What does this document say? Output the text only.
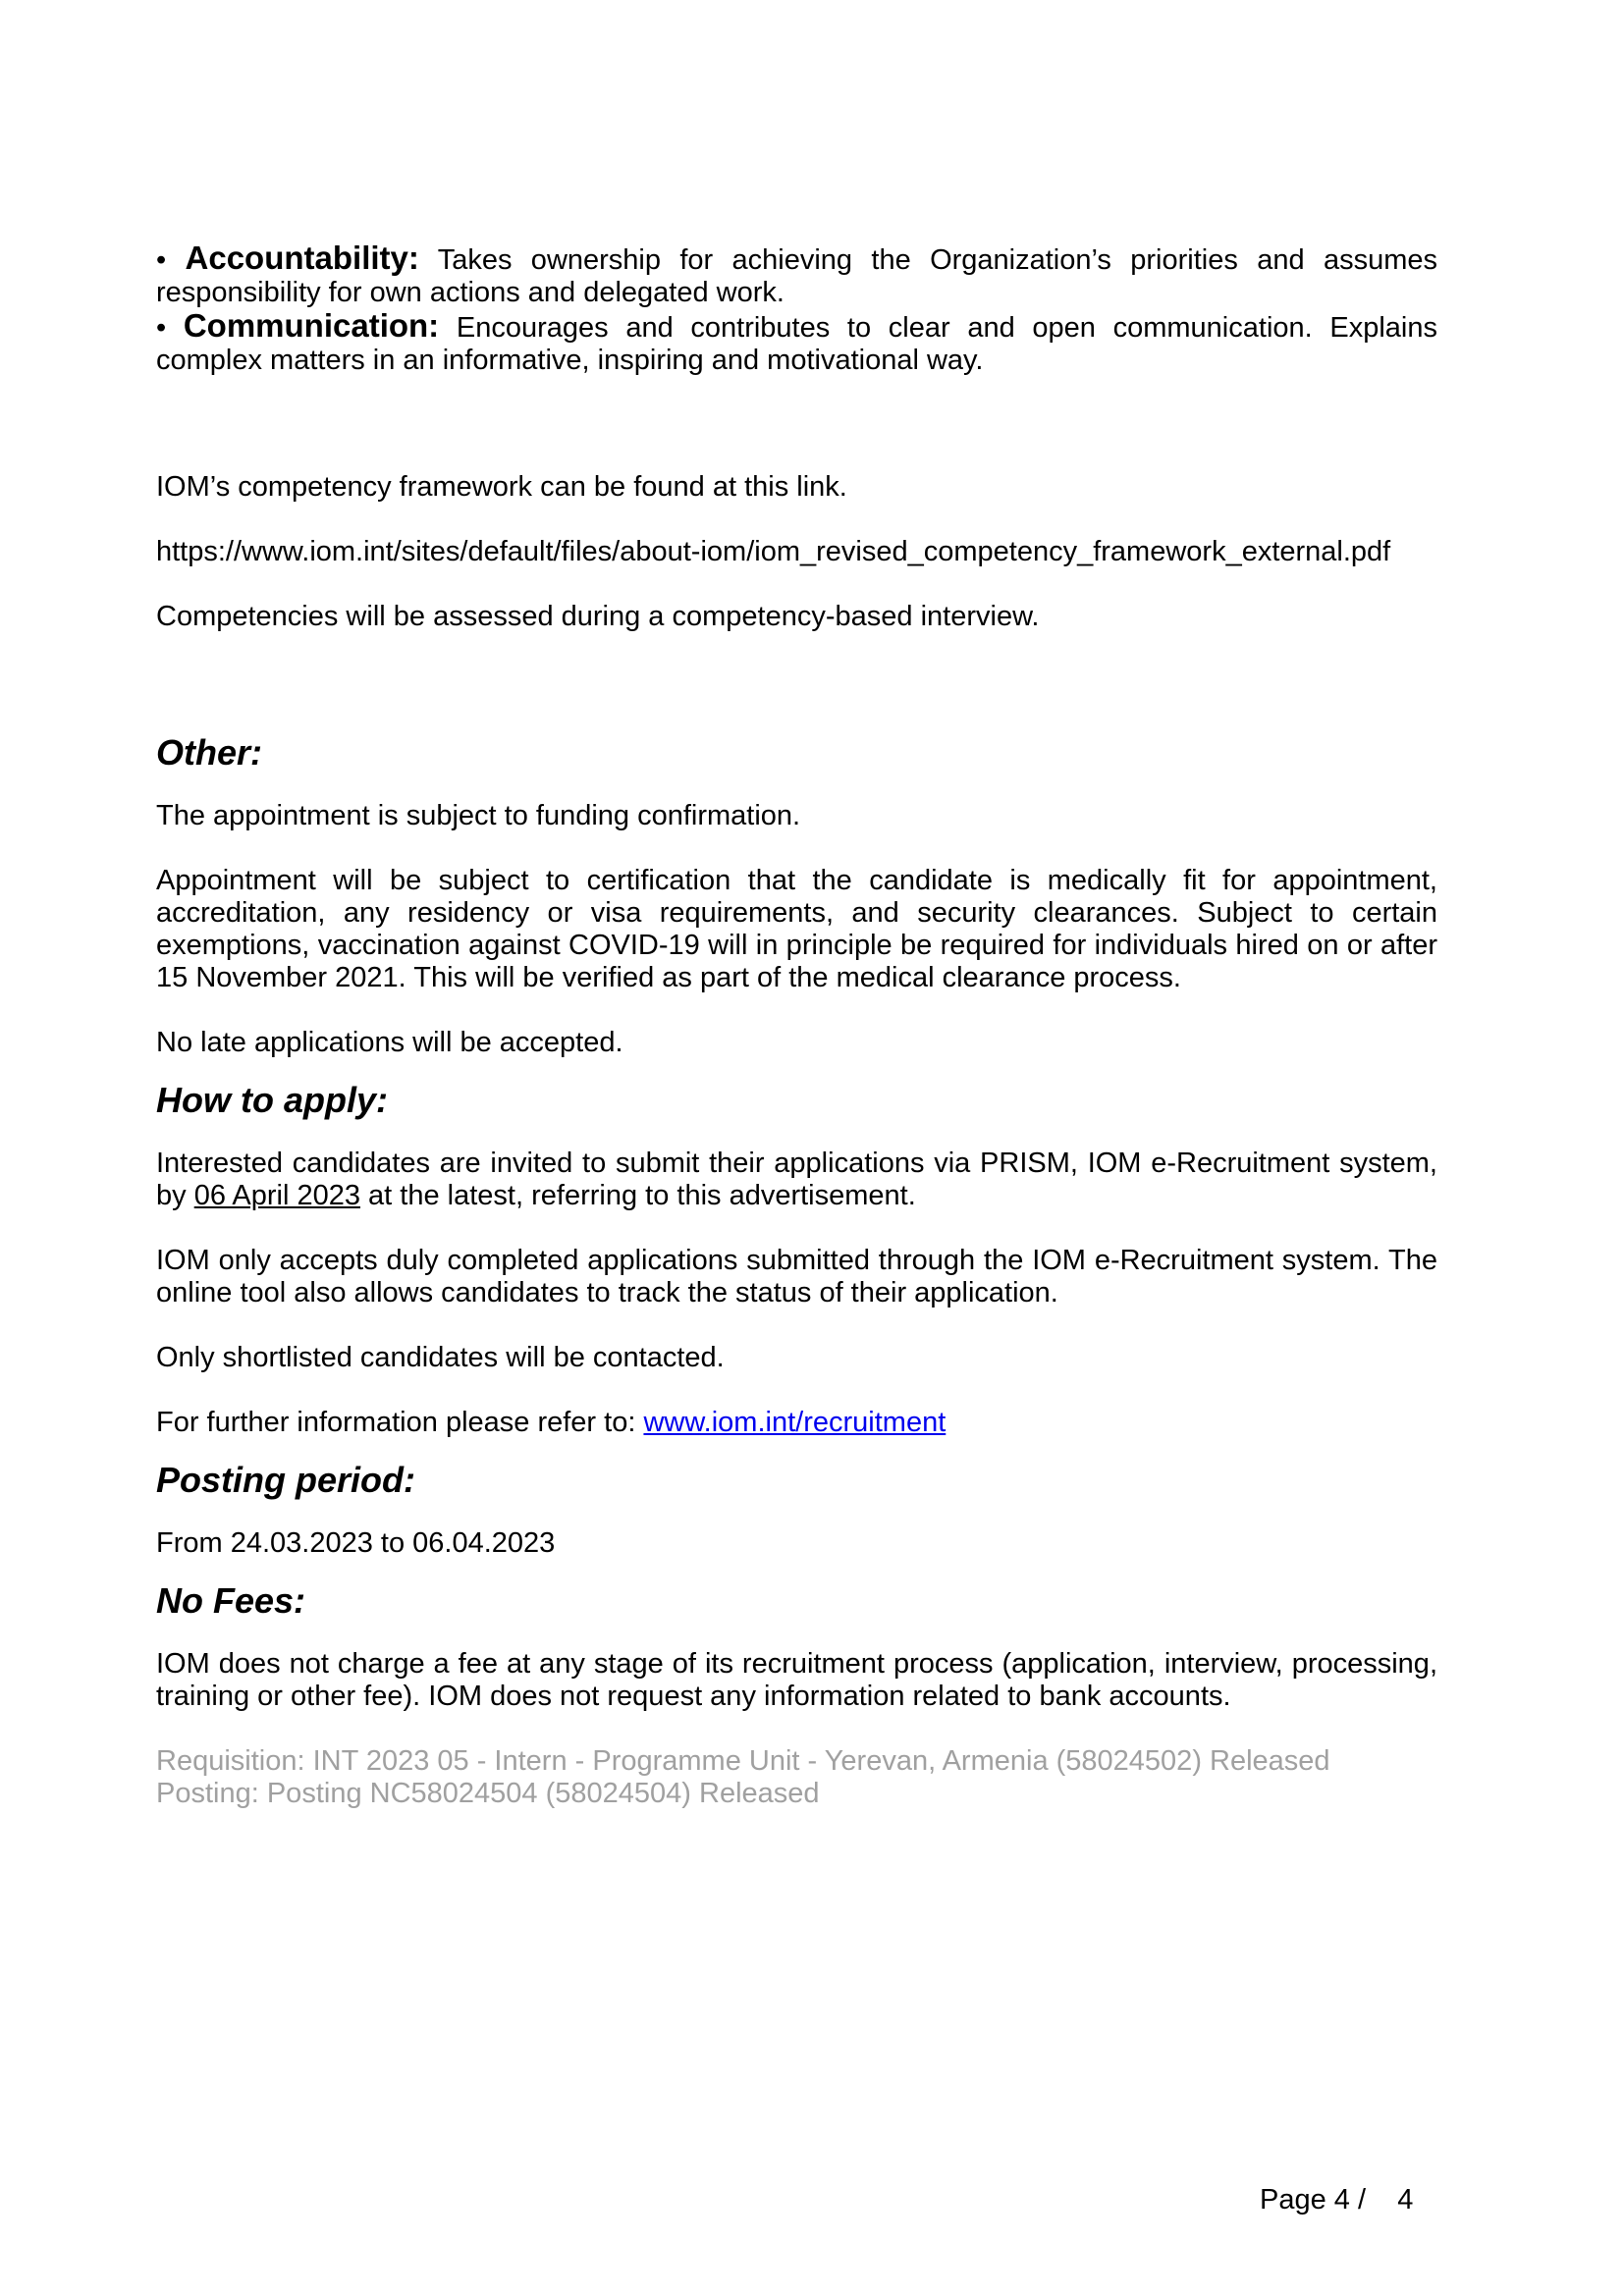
• Accountability: Takes ownership for achieving the Organization’s priorities and assumes responsibility for own actions and delegated work.

• Communication: Encourages and contributes to clear and open communication. Explains complex matters in an informative, inspiring and motivational way.

IOM’s competency framework can be found at this link.

https://www.iom.int/sites/default/files/about-iom/iom_revised_competency_framework_external.pdf

Competencies will be assessed during a competency-based interview.

Other:

The appointment is subject to funding confirmation.

Appointment will be subject to certification that the candidate is medically fit for appointment, accreditation, any residency or visa requirements, and security clearances. Subject to certain exemptions, vaccination against COVID-19 will in principle be required for individuals hired on or after 15 November 2021. This will be verified as part of the medical clearance process.

No late applications will be accepted.

How to apply:

Interested candidates are invited to submit their applications via PRISM, IOM e-Recruitment system, by 06 April 2023 at the latest, referring to this advertisement.

IOM only accepts duly completed applications submitted through the IOM e-Recruitment system. The online tool also allows candidates to track the status of their application.

Only shortlisted candidates will be contacted.

For further information please refer to: www.iom.int/recruitment

Posting period:

From 24.03.2023 to 06.04.2023

No Fees:

IOM does not charge a fee at any stage of its recruitment process (application, interview, processing, training or other fee). IOM does not request any information related to bank accounts.

Requisition: INT 2023 05 - Intern - Programme Unit - Yerevan, Armenia (58024502) Released

Posting: Posting NC58024504 (58024504) Released

Page 4 /    4
